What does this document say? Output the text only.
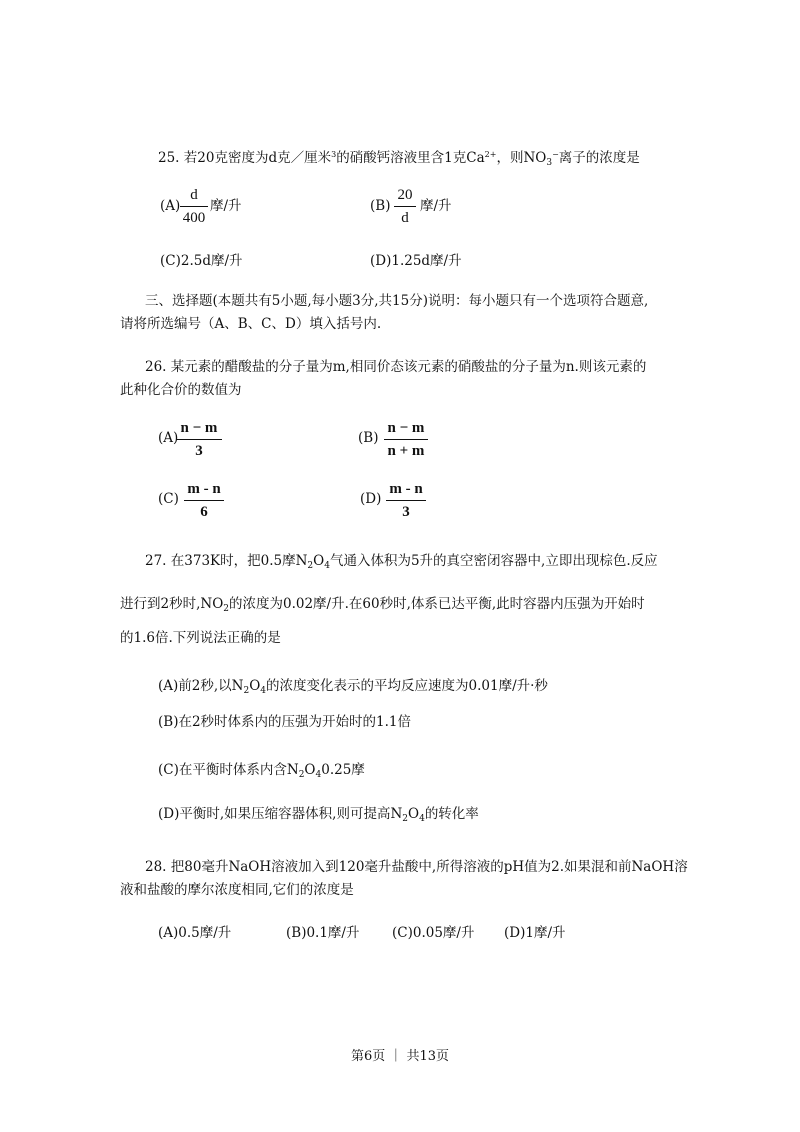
25. 若20克密度为d克／厘米$^3$的硝酸钙溶液里含1克$Ca^{2+}$，则$NO_3^-$离子的浓度是
(A)
d
400
摩/升	(B)
20
d
摩/升
(C)2.5d摩/升	(D)1.25d摩/升
三、选择题(本题共有5小题,每小题3分,共15分)说明：每小题只有一个选项符合题意,
请将所选编号（A、B、C、D）填入括号内.
26. 某元素的醋酸盐的分子量为m,相同价态该元素的硝酸盐的分子量为n.则该元素的
此种化合价的数值为
(A)
n − m
3
(B)
n − m
n + m
(C)
m - n
6
(D)
m - n
3
27. 在373K时，把0.5摩$N_2O_4$气通入体积为5升的真空密闭容器中,立即出现棕色.反应
进行到2秒时$,NO_2$的浓度为0.02摩/升.在60秒时,体系已达平衡,此时容器内压强为开始时
的1.6倍.下列说法正确的是
(A)前2秒,以$N_2O_4$的浓度变化表示的平均反应速度为0.01摩/升·秒
(B)在2秒时体系内的压强为开始时的1.1倍
(C)在平衡时体系内含$N_2O_40.25$摩
(D)平衡时,如果压缩容器体积,则可提高$N_2O_4$的转化率
28. 把80毫升NaOH溶液加入到120毫升盐酸中,所得溶液的pH值为2.如果混和前NaOH溶
液和盐酸的摩尔浓度相同,它们的浓度是
(A)0.5摩/升	(B)0.1摩/升 (C)0.05摩/升 (D)1摩/升
第6页 ｜ 共13页
